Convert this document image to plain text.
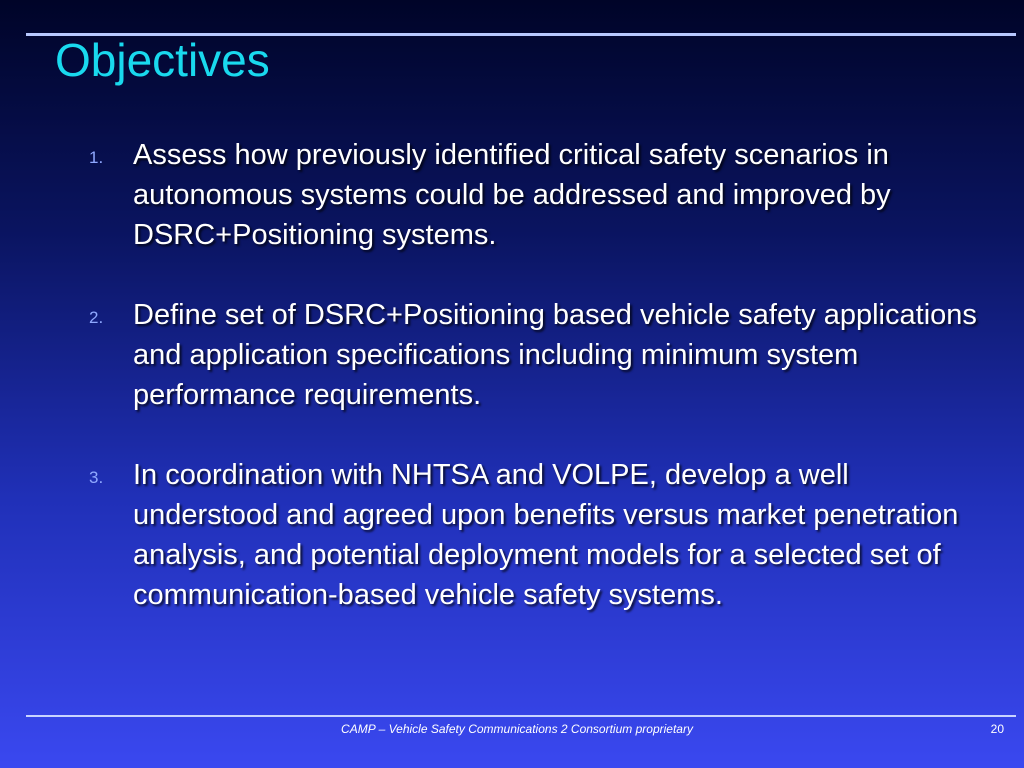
Objectives
1. Assess how previously identified critical safety scenarios in autonomous systems could be addressed and improved by DSRC+Positioning systems.
2. Define set of DSRC+Positioning based vehicle safety applications and application specifications including minimum system performance requirements.
3. In coordination with NHTSA and VOLPE, develop a well understood and agreed upon benefits versus market penetration analysis, and potential deployment models for a selected set of communication-based vehicle safety systems.
CAMP – Vehicle Safety Communications 2 Consortium proprietary	20
